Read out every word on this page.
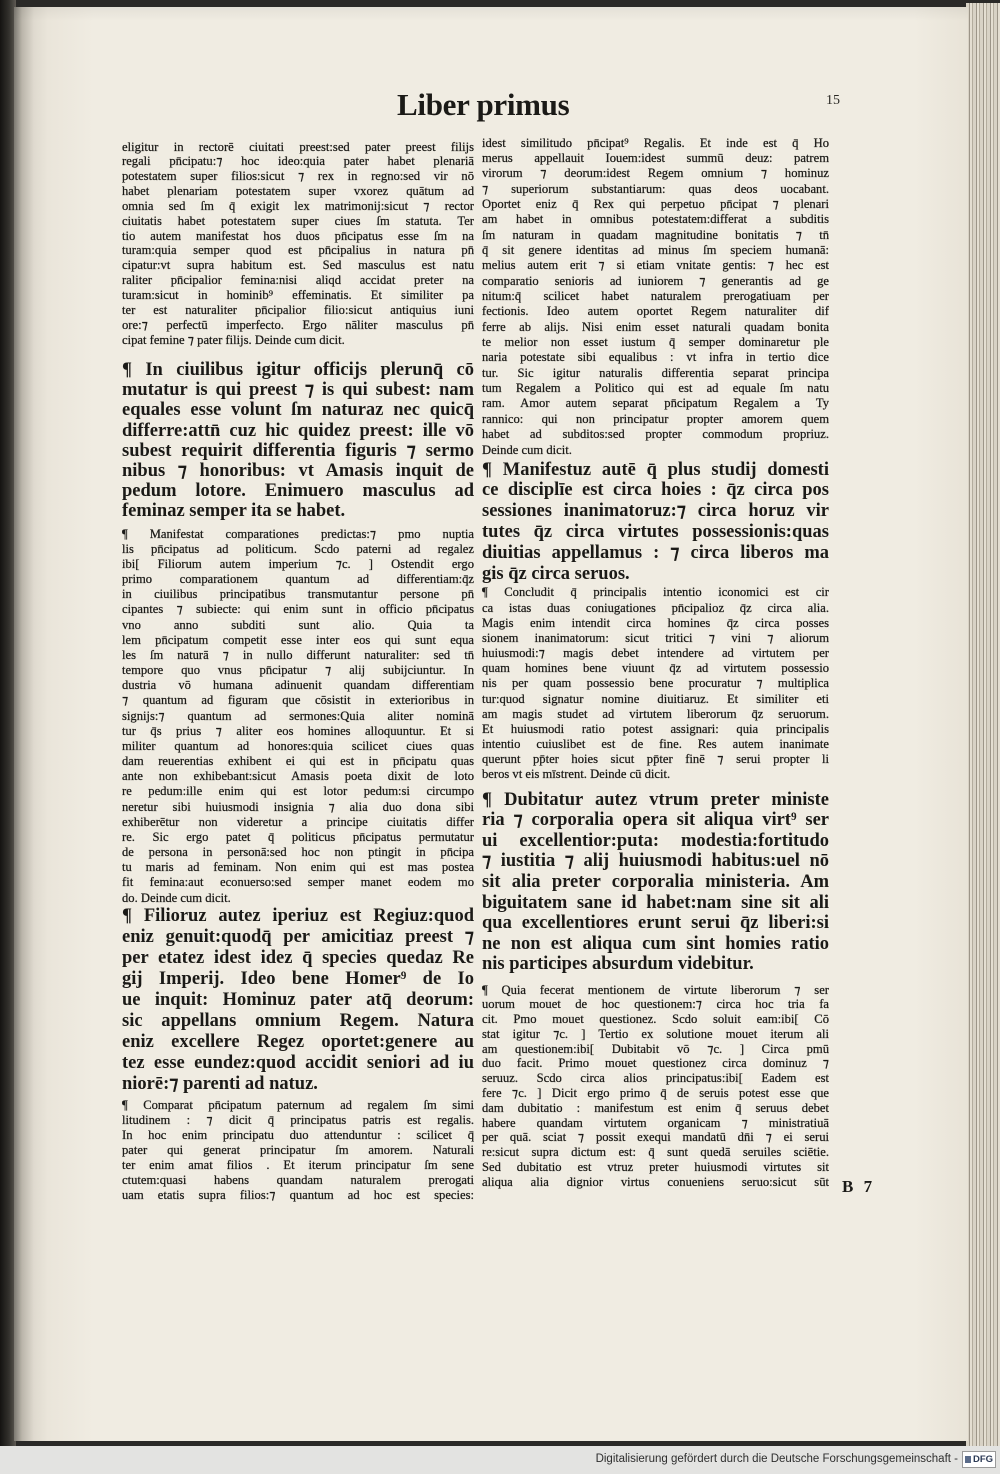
Liber primus	15
eligitur in rectorē ciuitati preest:sed pater preest filijs
regali pn̄cipatu:⁊ hoc ideo:quia pater habet plenariā
potestatem super filios:sicut ⁊ rex in regno:sed vir nō
habet plenariam potestatem super vxorez quātum ad
omnia sed ſm q̄ exigit lex matrimonij:sicut ⁊ rector
ciuitatis habet potestatem super ciues ſm statuta. Ter
tio autem manifestat hos duos pn̄cipatus esse ſm na
turam:quia semper quod est pn̄cipalius in natura pn̄
cipatur:vt supra habitum est. Sed masculus est natu
raliter pn̄cipalior femina:nisi aliqd accidat preter na
turam:sicut in hominib⁹ effeminatis. Et similiter pa
ter est naturaliter pn̄cipalior filio:sicut antiquius iuni
ore:⁊ perfectū imperfecto. Ergo nāliter masculus pn̄
cipat femine ⁊ pater filijs. Deinde cum dicit.
¶ In ciuilibus igitur officijs plerunq̄ cō
mutatur is qui preest ⁊ is qui subest: nam
equales esse volunt ſm naturaz nec quicq̄
differre:attn̄ cuz hic quidez preest: ille vō
subest requirit differentia figuris ⁊ sermo
nibus ⁊ honoribus: vt Amasis inquit de
pedum lotore. Enimuero masculus ad
feminaz semper ita se habet.
¶ Manifestat comparationes predictas:⁊ pmo nuptia
lis pn̄cipatus ad politicum. Scdo paterni ad regalez
ibi[ Filiorum autem imperium ⁊c. ] Ostendit ergo
primo comparationem quantum ad differentiam:q̄z
in ciuilibus principatibus transmutantur persone pn̄
cipantes ⁊ subiecte: qui enim sunt in officio pn̄cipatus
vno anno subditi sunt alio. Quia ta
lem pn̄cipatum competit esse inter eos qui sunt equa
les ſm naturā ⁊ in nullo differunt naturaliter: sed tn̄
tempore quo vnus pn̄cipatur ⁊ alij subijciuntur. In
dustria vō humana adinuenit quandam differentiam
⁊ quantum ad figuram que cōsistit in exterioribus in
signijs:⁊ quantum ad sermones:Quia aliter nominā
tur q̄s prius ⁊ aliter eos homines alloquuntur. Et si
militer quantum ad honores:quia scilicet ciues quas
dam reuerentias exhibent ei qui est in pn̄cipatu quas
ante non exhibebant:sicut Amasis poeta dixit de loto
re pedum:ille enim qui est lotor pedum:si circumpo
neretur sibi huiusmodi insignia ⁊ alia duo dona sibi
exhiberētur non videretur a principe ciuitatis differ
re. Sic ergo patet q̄ politicus pn̄cipatus permutatur
de persona in personā:sed hoc non ptingit in pn̄cipa
tu maris ad feminam. Non enim qui est mas postea
fit femina:aut econuerso:sed semper manet eodem mo
do. Deinde cum dicit.
¶ Filioruz autez iperiuz est Regiuz:quod
eniz genuit:quodq̄ per amicitiaz preest ⁊
per etatez idest idez q̄ species quedaz Re
gij Imperij. Ideo bene Homer⁹ de Io
ue inquit: Hominuz pater atq̄ deorum:
sic appellans omnium Regem. Natura
eniz excellere Regez oportet:genere au
tez esse eundez:quod accidit seniori ad iu
niorē:⁊ parenti ad natuz.
¶ Comparat pn̄cipatum paternum ad regalem ſm simi
litudinem : ⁊ dicit q̄ principatus patris est regalis.
In hoc enim principatu duo attenduntur : scilicet q̄
pater qui generat principatur ſm amorem. Naturali
ter enim amat filios . Et iterum principatur ſm sene
ctutem:quasi habens quandam naturalem prerogati
uam etatis supra filios:⁊ quantum ad hoc est species:
idest similitudo pn̄cipat⁹ Regalis. Et inde est q̄ Ho
merus appellauit Iouem:idest summū deuz: patrem
virorum ⁊ deorum:idest Regem omnium ⁊ hominuz
⁊ superiorum substantiarum: quas deos uocabant.
Oportet eniz q̄ Rex qui perpetuo pn̄cipat ⁊ plenari
am habet in omnibus potestatem:differat a subditis
ſm naturam in quadam magnitudine bonitatis ⁊ tn̄
q̄ sit genere identitas ad minus ſm speciem humanā:
melius autem erit ⁊ si etiam vnitate gentis: ⁊ hec est
comparatio senioris ad iuniorem ⁊ generantis ad ge
nitum:q̄ scilicet habet naturalem prerogatiuam per
fectionis. Ideo autem oportet Regem naturaliter dif
ferre ab alijs. Nisi enim esset naturali quadam bonita
te melior non esset iustum q̄ semper dominaretur ple
naria potestate sibi equalibus : vt infra in tertio dice
tur. Sic igitur naturalis differentia separat principa
tum Regalem a Politico qui est ad equale ſm natu
ram. Amor autem separat pn̄cipatum Regalem a Ty
rannico: qui non principatur propter amorem quem
habet ad subditos:sed propter commodum propriuz.
Deinde cum dicit.
¶ Manifestuz autē q̄ plus studij domesti
ce disciplīe est circa hoies : q̄z circa pos
sessiones inanimatoruz:⁊ circa horuz vir
tutes q̄z circa virtutes possessionis:quas
diuitias appellamus : ⁊ circa liberos ma
gis q̄z circa seruos.
¶ Concludit q̄ principalis intentio iconomici est cir
ca istas duas coniugationes pn̄cipalioz q̄z circa alia.
Magis enim intendit circa homines q̄z circa posses
sionem inanimatorum: sicut tritici ⁊ vini ⁊ aliorum
huiusmodi:⁊ magis debet intendere ad virtutem per
quam homines bene viuunt q̄z ad virtutem possessio
nis per quam possessio bene procuratur ⁊ multiplica
tur:quod signatur nomine diuitiaruz. Et similiter eti
am magis studet ad virtutem liberorum q̄z seruorum.
Et huiusmodi ratio potest assignari: quia principalis
intentio cuiuslibet est de fine. Res autem inanimate
querunt pp̄ter hoies sicut pp̄ter finē ⁊ serui propter li
beros vt eis mīstrent. Deinde cū dicit.
¶ Dubitatur autez vtrum preter ministe
ria ⁊ corporalia opera sit aliqua virt⁹ ser
ui excellentior:puta: modestia:fortitudo
⁊ iustitia ⁊ alij huiusmodi habitus:uel nō
sit alia preter corporalia ministeria. Am
biguitatem sane id habet:nam sine sit ali
qua excellentiores erunt serui q̄z liberi:si
ne non est aliqua cum sint homies ratio
nis participes absurdum videbitur.
¶ Quia fecerat mentionem de virtute liberorum ⁊ ser
uorum mouet de hoc questionem:⁊ circa hoc tria fa
cit. Pmo mouet questionez. Scdo soluit eam:ibi[ Cō
stat igitur ⁊c. ] Tertio ex solutione mouet iterum ali
am questionem:ibi[ Dubitabit vō ⁊c. ] Circa pmū
duo facit. Primo mouet questionez circa dominuz ⁊
seruuz. Scdo circa alios principatus:ibi[ Eadem est
fere ⁊c. ] Dicit ergo primo q̄ de seruis potest esse que
dam dubitatio : manifestum est enim q̄ seruus debet
habere quandam virtutem organicam ⁊ ministratiuā
per quā. sciat ⁊ possit exequi mandatū dn̄i ⁊ ei serui
re:sicut supra dictum est: q̄ sunt quedā seruiles sciētie.
Sed dubitatio est vtruz preter huiusmodi virtutes sit
aliqua alia dignior virtus conueniens seruo:sicut sūt B 7
Digitalisierung gefördert durch die Deutsche Forschungsgemeinschaft - DFG
